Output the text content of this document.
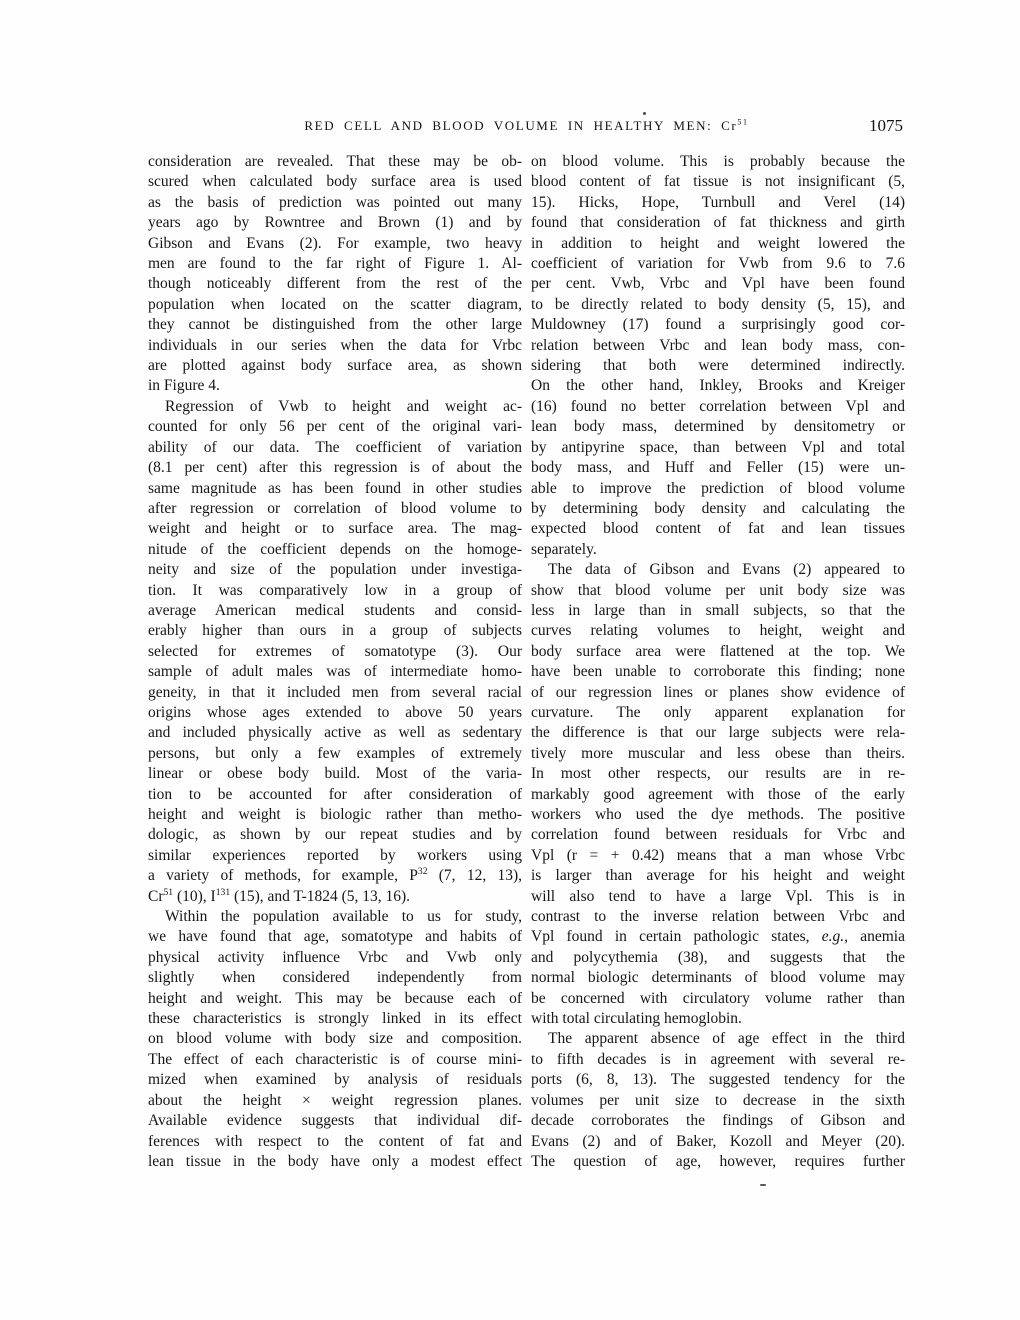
RED CELL AND BLOOD VOLUME IN HEALTHY MEN: Cr$^{51}$	1075
consideration are revealed. That these may be ob-
scured when calculated body surface area is used
as the basis of prediction was pointed out many
years ago by Rowntree and Brown (1) and by
Gibson and Evans (2). For example, two heavy
men are found to the far right of Figure 1. Al-
though noticeably different from the rest of the
population when located on the scatter diagram,
they cannot be distinguished from the other large
individuals in our series when the data for Vrbc
are plotted against body surface area, as shown
in Figure 4.
Regression of Vwb to height and weight ac-
counted for only 56 per cent of the original vari-
ability of our data. The coefficient of variation
(8.1 per cent) after this regression is of about the
same magnitude as has been found in other studies
after regression or correlation of blood volume to
weight and height or to surface area. The mag-
nitude of the coefficient depends on the homoge-
neity and size of the population under investiga-
tion. It was comparatively low in a group of
average American medical students and consid-
erably higher than ours in a group of subjects
selected for extremes of somatotype (3). Our
sample of adult males was of intermediate homo-
geneity, in that it included men from several racial
origins whose ages extended to above 50 years
and included physically active as well as sedentary
persons, but only a few examples of extremely
linear or obese body build. Most of the varia-
tion to be accounted for after consideration of
height and weight is biologic rather than metho-
dologic, as shown by our repeat studies and by
similar experiences reported by workers using
a variety of methods, for example, $P^{32}$ (7, 12, 13),
Cr$^{51}$ (10), $I^{131}$ (15), and T-1824 (5, 13, 16).
Within the population available to us for study,
we have found that age, somatotype and habits of
physical activity influence Vrbc and Vwb only
slightly when considered independently from
height and weight. This may be because each of
these characteristics is strongly linked in its effect
on blood volume with body size and composition.
The effect of each characteristic is of course mini-
mized when examined by analysis of residuals
about the height × weight regression planes.
Available evidence suggests that individual dif-
ferences with respect to the content of fat and
lean tissue in the body have only a modest effect
on blood volume. This is probably because the
blood content of fat tissue is not insignificant (5,
15). Hicks, Hope, Turnbull and Verel (14)
found that consideration of fat thickness and girth
in addition to height and weight lowered the
coefficient of variation for Vwb from 9.6 to 7.6
per cent. Vwb, Vrbc and Vpl have been found
to be directly related to body density (5, 15), and
Muldowney (17) found a surprisingly good cor-
relation between Vrbc and lean body mass, con-
sidering that both were determined indirectly.
On the other hand, Inkley, Brooks and Kreiger
(16) found no better correlation between Vpl and
lean body mass, determined by densitometry or
by antipyrine space, than between Vpl and total
body mass, and Huff and Feller (15) were un-
able to improve the prediction of blood volume
by determining body density and calculating the
expected blood content of fat and lean tissues
separately.
The data of Gibson and Evans (2) appeared to
show that blood volume per unit body size was
less in large than in small subjects, so that the
curves relating volumes to height, weight and
body surface area were flattened at the top. We
have been unable to corroborate this finding; none
of our regression lines or planes show evidence of
curvature. The only apparent explanation for
the difference is that our large subjects were rela-
tively more muscular and less obese than theirs.
In most other respects, our results are in re-
markably good agreement with those of the early
workers who used the dye methods. The positive
correlation found between residuals for Vrbc and
Vpl (r = + 0.42) means that a man whose Vrbc
is larger than average for his height and weight
will also tend to have a large Vpl. This is in
contrast to the inverse relation between Vrbc and
Vpl found in certain pathologic states, e.g., anemia
and polycythemia (38), and suggests that the
normal biologic determinants of blood volume may
be concerned with circulatory volume rather than
with total circulating hemoglobin.
The apparent absence of age effect in the third
to fifth decades is in agreement with several re-
ports (6, 8, 13). The suggested tendency for the
volumes per unit size to decrease in the sixth
decade corroborates the findings of Gibson and
Evans (2) and of Baker, Kozoll and Meyer (20).
The question of age, however, requires further
